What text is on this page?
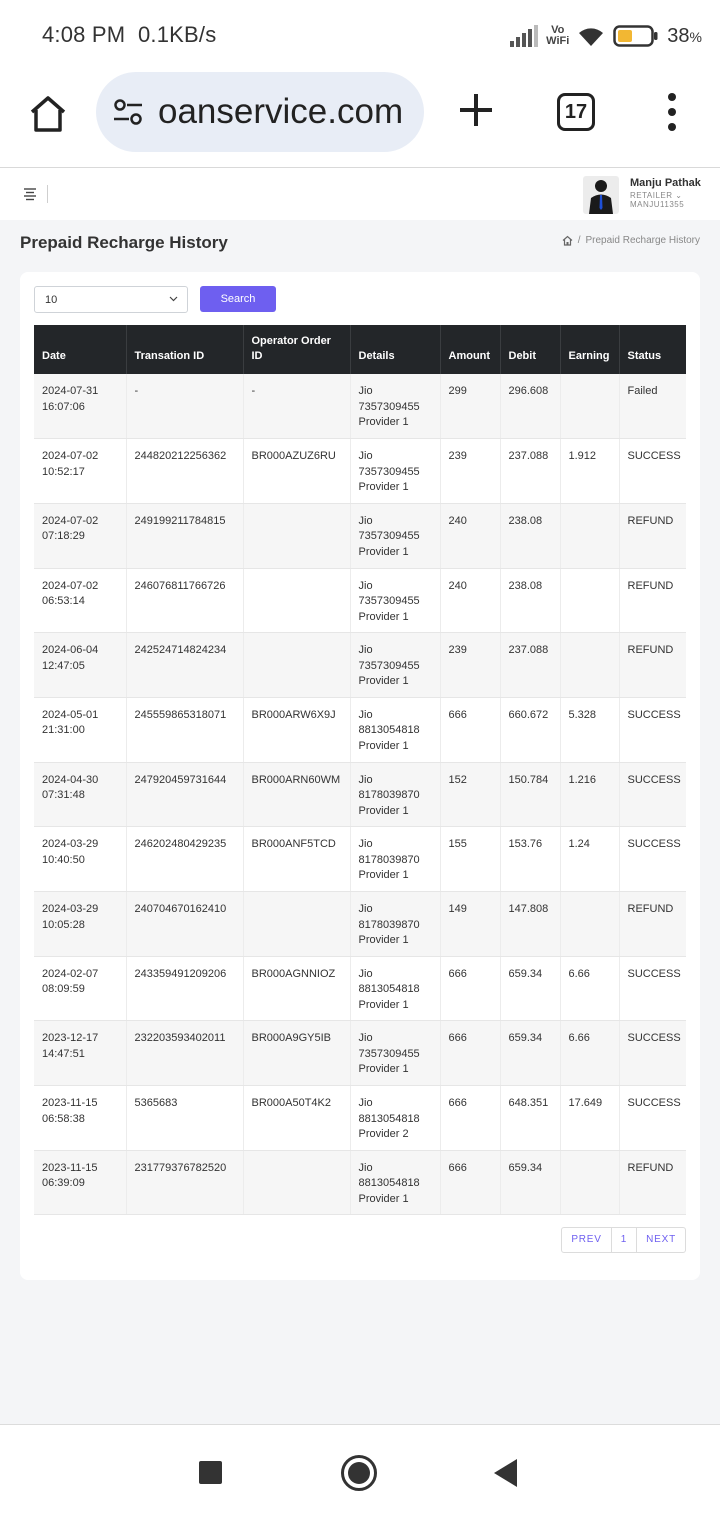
4:08 PM 0.1KB/s	Vo
WiFi	38%
oanservice.com	17
Manju Pathak
RETAILER ⌄
MANJU11355
Prepaid Recharge History	/ Prepaid Recharge History
10	Search
Date	Transation ID	Operator Order ID	Details	Amount	Debit	Earning	Status

2024-07-31
16:07:06	-	-	Jio
7357309455
Provider 1	299	296.608		Failed

2024-07-02
10:52:17	244820212256362	BR000AZUZ6RU	Jio
7357309455
Provider 1	239	237.088	1.912	SUCCESS

2024-07-02
07:18:29	249199211784815		Jio
7357309455
Provider 1	240	238.08		REFUND

2024-07-02
06:53:14	246076811766726		Jio
7357309455
Provider 1	240	238.08		REFUND

2024-06-04
12:47:05	242524714824234		Jio
7357309455
Provider 1	239	237.088		REFUND

2024-05-01
21:31:00	245559865318071	BR000ARW6X9J	Jio
8813054818
Provider 1	666	660.672	5.328	SUCCESS

2024-04-30
07:31:48	247920459731644	BR000ARN60WM	Jio
8178039870
Provider 1	152	150.784	1.216	SUCCESS

2024-03-29
10:40:50	246202480429235	BR000ANF5TCD	Jio
8178039870
Provider 1	155	153.76	1.24	SUCCESS

2024-03-29
10:05:28	240704670162410		Jio
8178039870
Provider 1	149	147.808		REFUND

2024-02-07
08:09:59	243359491209206	BR000AGNNIOZ	Jio
8813054818
Provider 1	666	659.34	6.66	SUCCESS

2023-12-17
14:47:51	232203593402011	BR000A9GY5IB	Jio
7357309455
Provider 1	666	659.34	6.66	SUCCESS

2023-11-15
06:58:38	5365683	BR000A50T4K2	Jio
8813054818
Provider 2	666	648.351	17.649	SUCCESS

2023-11-15
06:39:09	231779376782520		Jio
8813054818
Provider 1	666	659.34		REFUND
PREV	1	NEXT
